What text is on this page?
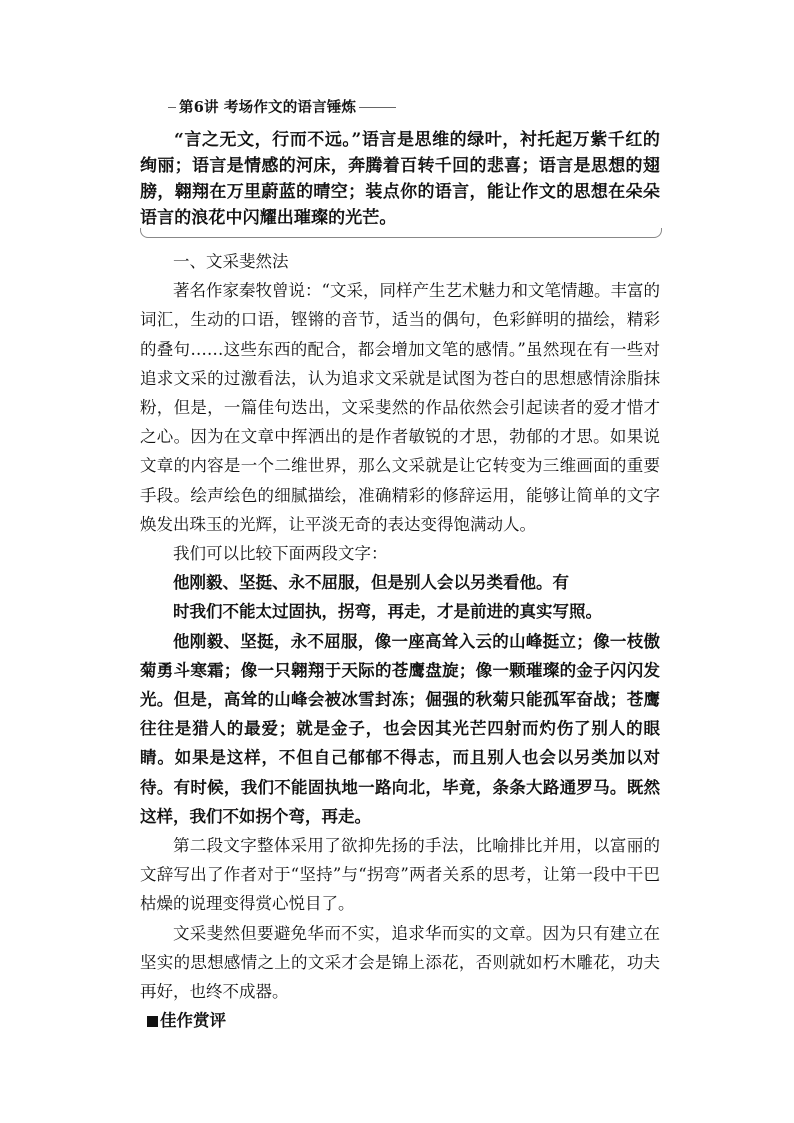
第6讲 考场作文的语言锤炼

“言之无文，行而不远。”语言是思维的绿叶，衬托起万紫千红的绚丽；语言是情感的河床，奔腾着百转千回的悲喜；语言是思想的翅膀，翱翔在万里蔚蓝的晴空；装点你的语言，能让作文的思想在朵朵语言的浪花中闪耀出璀璨的光芒。

一、文采斐然法

著名作家秦牧曾说：“文采，同样产生艺术魅力和文笔情趣。丰富的词汇，生动的口语，铿锵的音节，适当的偶句，色彩鲜明的描绘，精彩的叠句……这些东西的配合，都会增加文笔的感情。”虽然现在有一些对追求文采的过激看法，认为追求文采就是试图为苍白的思想感情涂脂抹粉，但是，一篇佳句迭出，文采斐然的作品依然会引起读者的爱才惜才之心。因为在文章中挥洒出的是作者敏锐的才思，勃郁的才思。如果说文章的内容是一个二维世界，那么文采就是让它转变为三维画面的重要手段。绘声绘色的细腻描绘，准确精彩的修辞运用，能够让简单的文字焕发出珠玉的光辉，让平淡无奇的表达变得饱满动人。

我们可以比较下面两段文字：

他刚毅、坚挺、永不屈服，但是别人会以另类看他。有

时我们不能太过固执，拐弯，再走，才是前进的真实写照。

他刚毅、坚挺，永不屈服，像一座高耸入云的山峰挺立；像一枝傲菊勇斗寒霜；像一只翱翔于天际的苍鹰盘旋；像一颗璀璨的金子闪闪发光。但是，高耸的山峰会被冰雪封冻；倔强的秋菊只能孤军奋战；苍鹰往往是猎人的最爱；就是金子，也会因其光芒四射而灼伤了别人的眼睛。如果是这样，不但自己郁郁不得志，而且别人也会以另类加以对待。有时候，我们不能固执地一路向北，毕竟，条条大路通罗马。既然这样，我们不如拐个弯，再走。

第二段文字整体采用了欲抑先扬的手法，比喻排比并用，以富丽的文辞写出了作者对于“坚持”与“拐弯”两者关系的思考，让第一段中干巴枯燥的说理变得赏心悦目了。

文采斐然但要避免华而不实，追求华而实的文章。因为只有建立在坚实的思想感情之上的文采才会是锦上添花，否则就如朽木雕花，功夫再好，也终不成器。

佳作赏评
